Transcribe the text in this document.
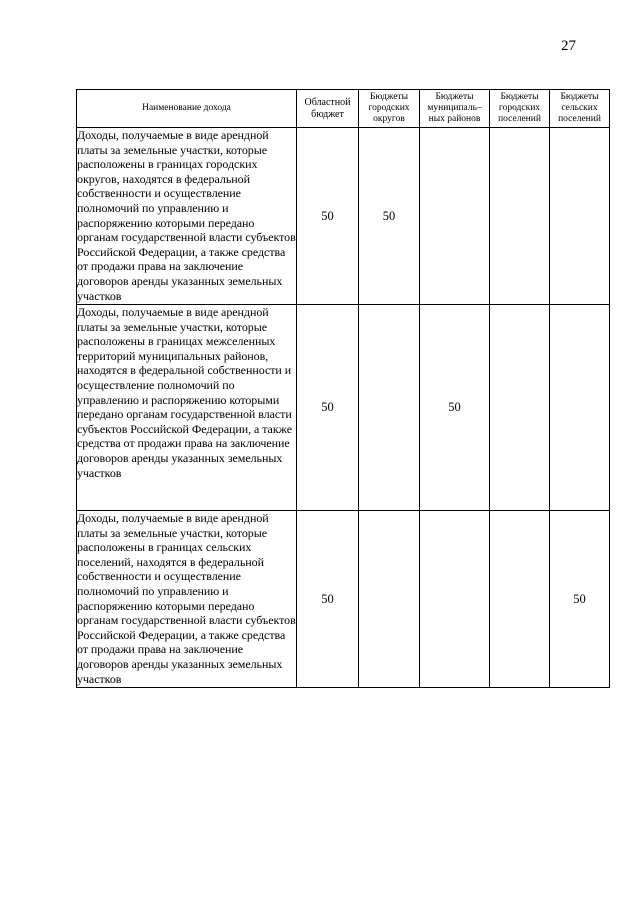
27
Наименование дохода	Областной бюджет	Бюджеты городских округов	Бюджеты муниципаль–ных районов	Бюджеты городских поселений	Бюджеты сельских поселений
Доходы, получаемые в виде арендной платы за земельные участки, которые расположены в границах городских округов, находятся в федеральной собственности и осуществление полномочий по управлению и распоряжению которыми передано органам государственной власти субъектов Российской Федерации, а также средства от продажи права на заключение договоров аренды указанных земельных участков	50	50			
Доходы, получаемые в виде арендной платы за земельные участки, которые расположены в границах межселенных территорий муниципальных районов, находятся в федеральной собственности и осуществление полномочий по управлению и распоряжению которыми передано органам государственной власти субъектов Российской Федерации, а также средства от продажи права на заключение договоров аренды указанных земельных участков	50		50		
Доходы, получаемые в виде арендной платы за земельные участки, которые расположены в границах сельских поселений, находятся в федеральной собственности и осуществление полномочий по управлению и распоряжению которыми передано органам государственной власти субъектов Российской Федерации, а также средства от продажи права на заключение договоров аренды указанных земельных участков	50				50
